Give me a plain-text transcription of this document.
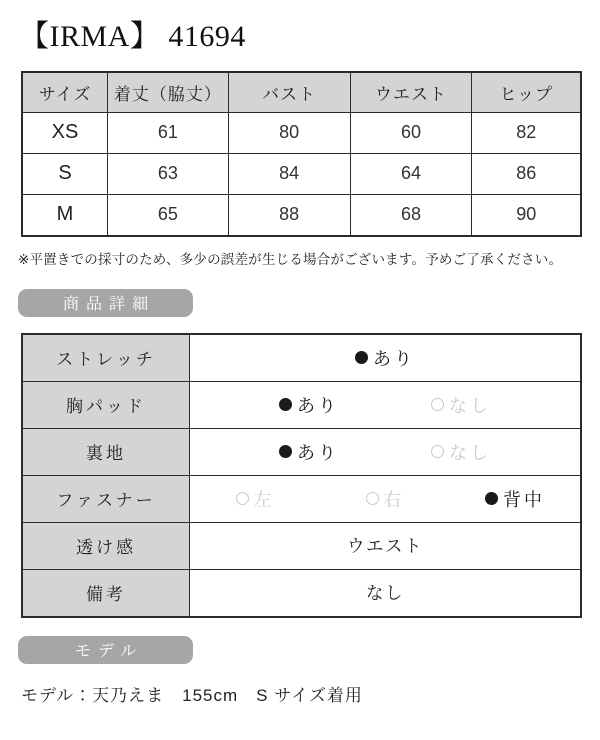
【IRMA】 41694
サイズ	着丈（脇丈）	バスト	ウエスト	ヒップ
XS	61	80	60	82
S	63	84	64	86
M	65	88	68	90

※平置きでの採寸のため、多少の誤差が生じる場合がございます。予めご了承ください。

商品詳細
ストレッチ	あり

胸パッド	あり なし

裏地	あり なし

ファスナー	左 右 背中

透け感	ウエスト
備考	なし
モデル

モデル：天乃えま　155cm　S サイズ着用
